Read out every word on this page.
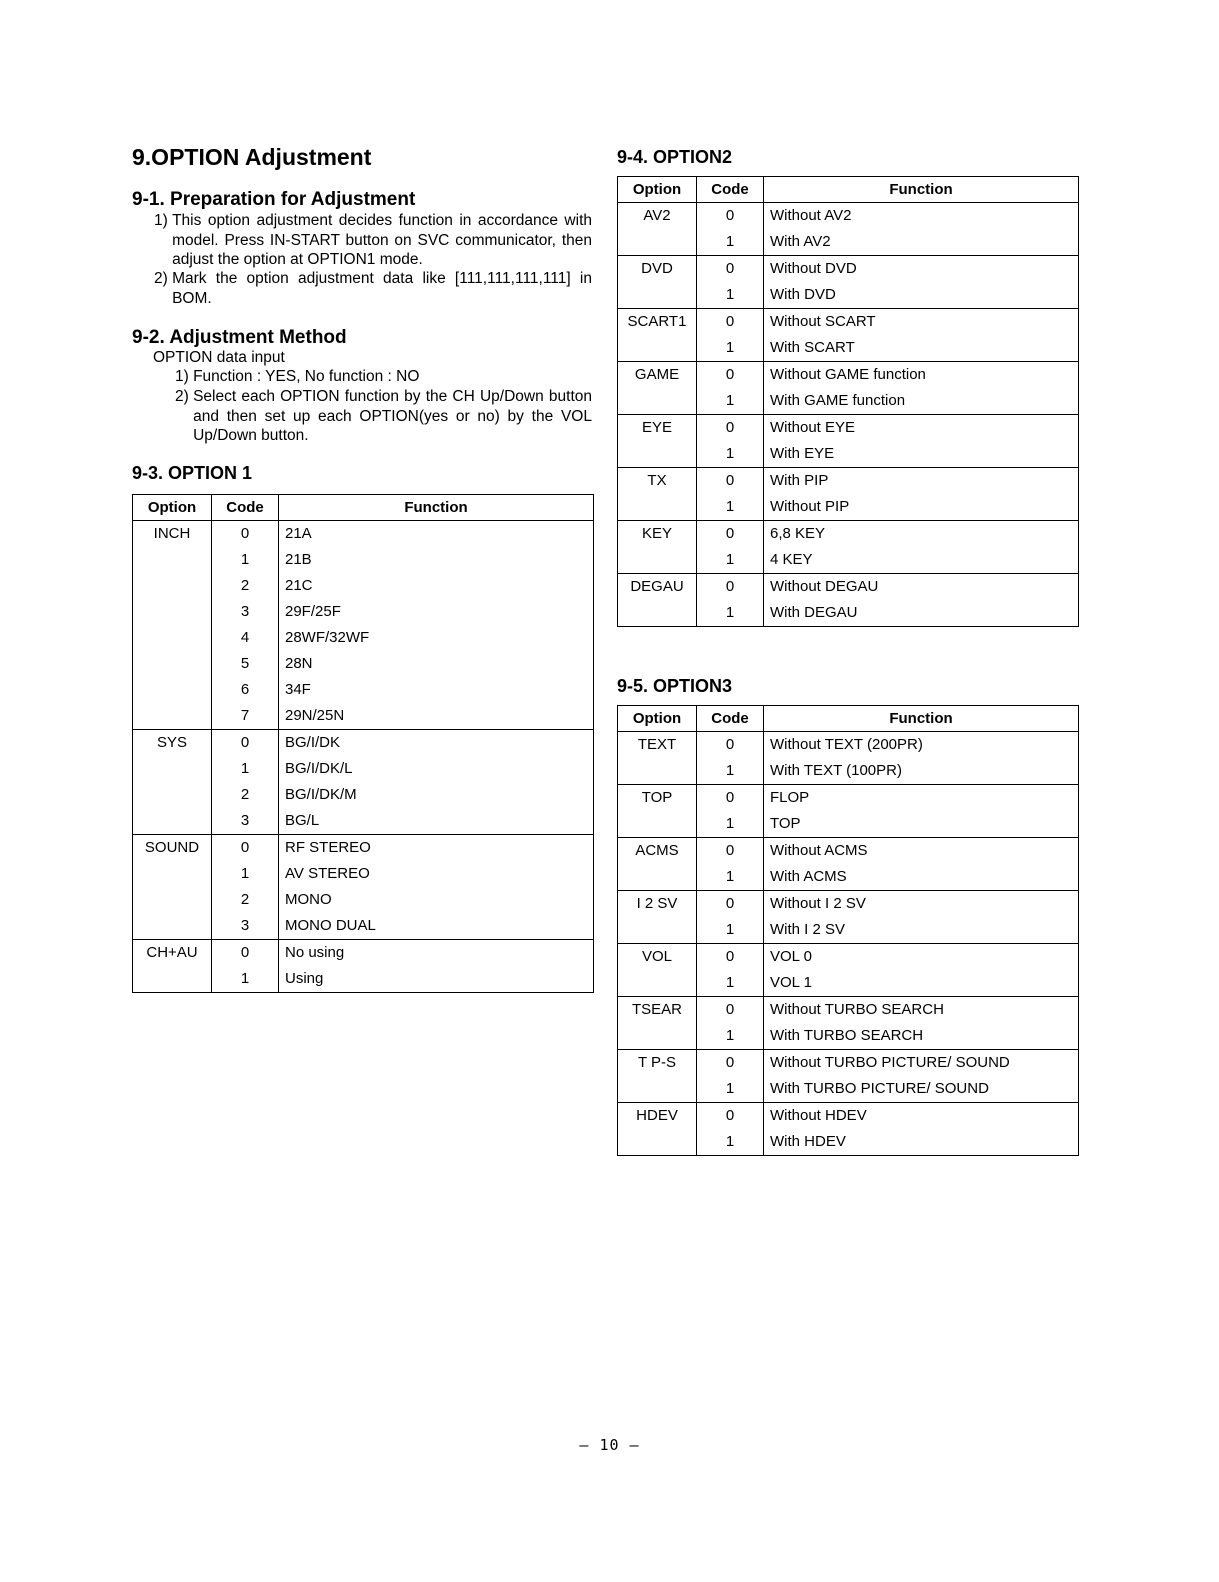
9.OPTION Adjustment
9-1. Preparation for Adjustment
1) This option adjustment decides function in accordance with model. Press IN-START button on SVC communicator, then adjust the option at OPTION1 mode.
2) Mark the option adjustment data like [111,111,111,111] in BOM.
9-2. Adjustment Method
OPTION data input
1) Function : YES, No function : NO
2) Select each OPTION function by the CH Up/Down button and then set up each OPTION(yes or no) by the VOL Up/Down button.
9-3. OPTION 1
Option	Code	Function
INCH	0	21A
	1	21B
	2	21C
	3	29F/25F
	4	28WF/32WF
	5	28N
	6	34F
	7	29N/25N
SYS	0	BG/I/DK
	1	BG/I/DK/L
	2	BG/I/DK/M
	3	BG/L
SOUND	0	RF STEREO
	1	AV STEREO
	2	MONO
	3	MONO DUAL
CH+AU	0	No using
	1	Using
9-4. OPTION2
Option	Code	Function
AV2	0	Without AV2
	1	With AV2
DVD	0	Without DVD
	1	With DVD
SCART1	0	Without SCART
	1	With SCART
GAME	0	Without GAME function
	1	With GAME function
EYE	0	Without EYE
	1	With EYE
TX	0	With PIP
	1	Without PIP
KEY	0	6,8 KEY
	1	4 KEY
DEGAU	0	Without DEGAU
	1	With DEGAU
9-5. OPTION3
Option	Code	Function
TEXT	0	Without TEXT (200PR)
	1	With TEXT (100PR)
TOP	0	FLOP
	1	TOP
ACMS	0	Without ACMS
	1	With ACMS
I 2 SV	0	Without I 2 SV
	1	With I 2 SV
VOL	0	VOL 0
	1	VOL 1
TSEAR	0	Without TURBO SEARCH
	1	With TURBO SEARCH
T P-S	0	Without TURBO PICTURE/ SOUND
	1	With TURBO PICTURE/ SOUND
HDEV	0	Without HDEV
	1	With HDEV
– 10 –
